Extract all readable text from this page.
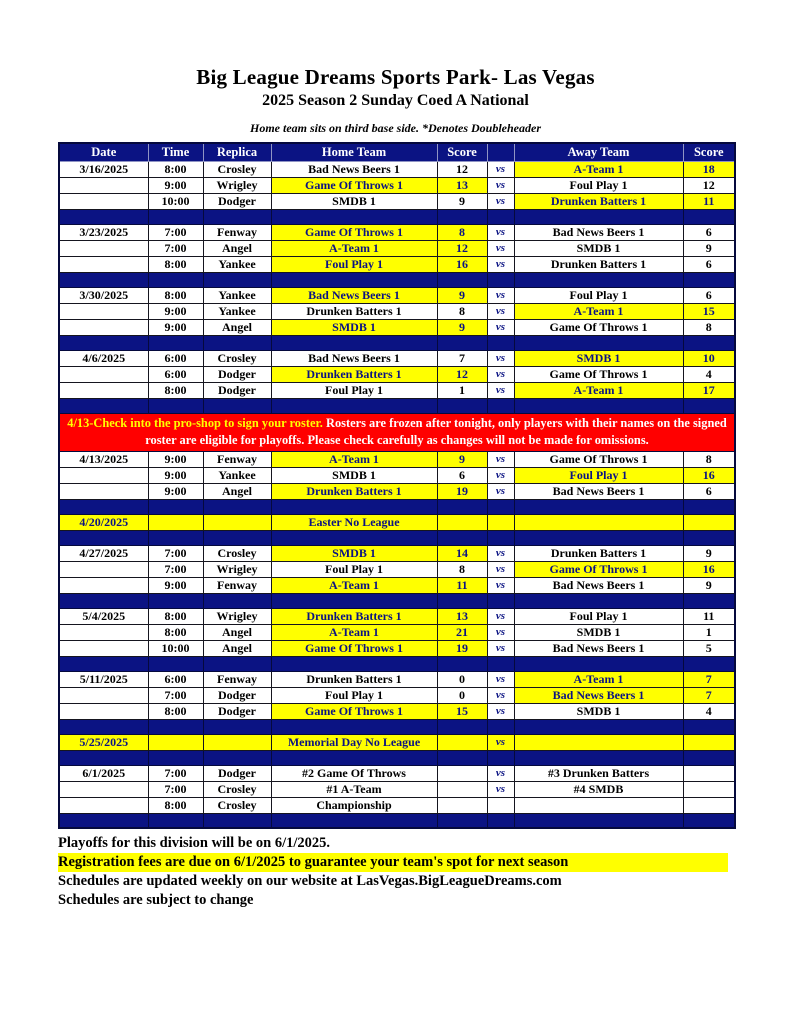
Big League Dreams Sports Park- Las Vegas
2025 Season 2 Sunday Coed A National
Home team sits on third base side. *Denotes Doubleheader
Date	Time	Replica	Home Team	Score		Away Team	Score
3/16/2025	8:00	Crosley	Bad News Beers 1	12	vs	A-Team 1	18
	9:00	Wrigley	Game Of Throws 1	13	vs	Foul Play 1	12
	10:00	Dodger	SMDB 1	9	vs	Drunken Batters 1	11

3/23/2025	7:00	Fenway	Game Of Throws 1	8	vs	Bad News Beers 1	6
	7:00	Angel	A-Team 1	12	vs	SMDB 1	9
	8:00	Yankee	Foul Play 1	16	vs	Drunken Batters 1	6

3/30/2025	8:00	Yankee	Bad News Beers 1	9	vs	Foul Play 1	6
	9:00	Yankee	Drunken Batters 1	8	vs	A-Team 1	15
	9:00	Angel	SMDB 1	9	vs	Game Of Throws 1	8

4/6/2025	6:00	Crosley	Bad News Beers 1	7	vs	SMDB 1	10
	6:00	Dodger	Drunken Batters 1	12	vs	Game Of Throws 1	4
	8:00	Dodger	Foul Play 1	1	vs	A-Team 1	17

4/13-Check into the pro-shop to sign your roster. Rosters are frozen after tonight, only players with their names on the signed roster are eligible for playoffs. Please check carefully as changes will not be made for omissions.							
4/13/2025	9:00	Fenway	A-Team 1	9	vs	Game Of Throws 1	8
	9:00	Yankee	SMDB 1	6	vs	Foul Play 1	16
	9:00	Angel	Drunken Batters 1	19	vs	Bad News Beers 1	6

4/20/2025			Easter No League				

4/27/2025	7:00	Crosley	SMDB 1	14	vs	Drunken Batters 1	9
	7:00	Wrigley	Foul Play 1	8	vs	Game Of Throws 1	16
	9:00	Fenway	A-Team 1	11	vs	Bad News Beers 1	9

5/4/2025	8:00	Wrigley	Drunken Batters 1	13	vs	Foul Play 1	11
	8:00	Angel	A-Team 1	21	vs	SMDB 1	1
	10:00	Angel	Game Of Throws 1	19	vs	Bad News Beers 1	5

5/11/2025	6:00	Fenway	Drunken Batters 1	0	vs	A-Team 1	7
	7:00	Dodger	Foul Play 1	0	vs	Bad News Beers 1	7
	8:00	Dodger	Game Of Throws 1	15	vs	SMDB 1	4

5/25/2025			Memorial Day No League		vs		

6/1/2025	7:00	Dodger	#2 Game Of Throws		vs	#3 Drunken Batters	
	7:00	Crosley	#1 A-Team		vs	#4 SMDB	
	8:00	Crosley	Championship				

Playoffs for this division will be on 6/1/2025.
Registration fees are due on 6/1/2025 to guarantee your team's spot for next season
Schedules are updated weekly on our website at LasVegas.BigLeagueDreams.com
Schedules are subject to change
